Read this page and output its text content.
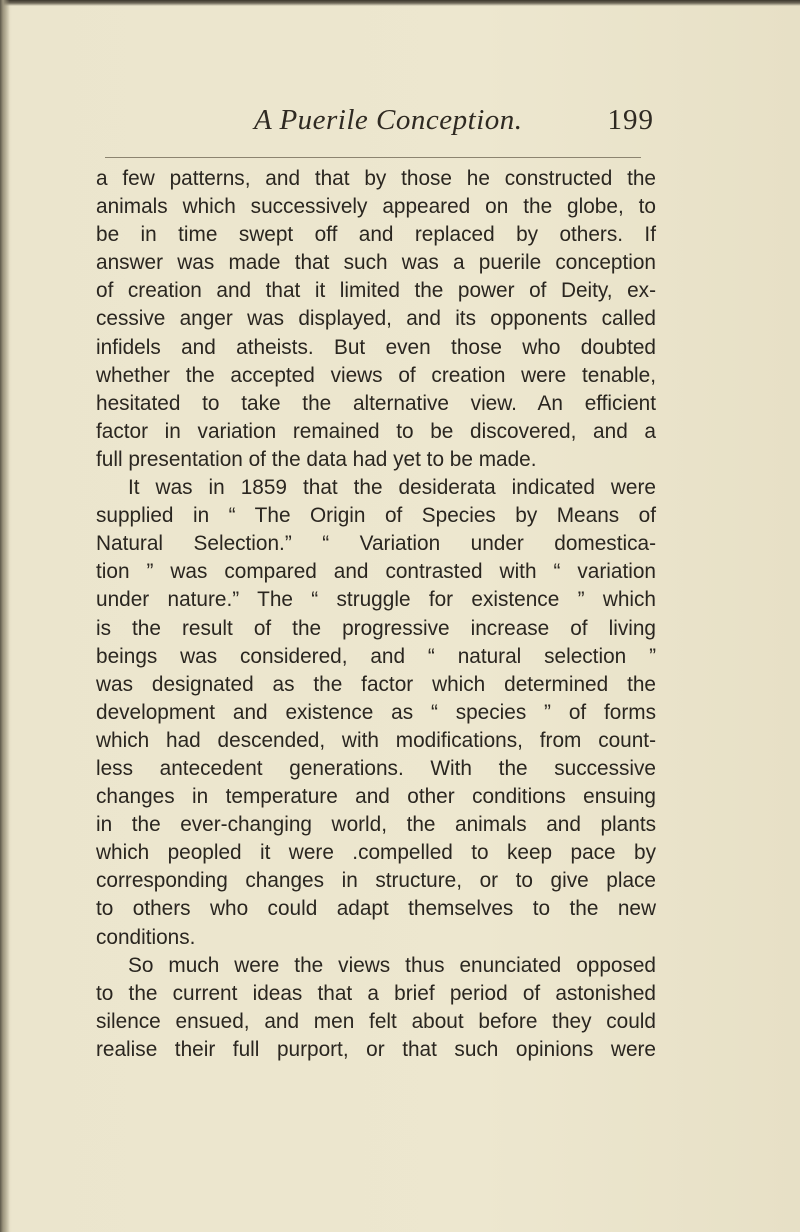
A Puerile Conception.	199
a few patterns, and that by those he constructed the
animals which successively appeared on the globe, to
be in time swept off and replaced by others. If
answer was made that such was a puerile conception
of creation and that it limited the power of Deity, ex-
cessive anger was displayed, and its opponents called
infidels and atheists. But even those who doubted
whether the accepted views of creation were tenable,
hesitated to take the alternative view. An efficient
factor in variation remained to be discovered, and a
full presentation of the data had yet to be made.
It was in 1859 that the desiderata indicated were
supplied in “ The Origin of Species by Means of
Natural Selection.” “ Variation under domestica-
tion ” was compared and contrasted with “ variation
under nature.” The “ struggle for existence ” which
is the result of the progressive increase of living
beings was considered, and “ natural selection ”
was designated as the factor which determined the
development and existence as “ species ” of forms
which had descended, with modifications, from count-
less antecedent generations. With the successive
changes in temperature and other conditions ensuing
in the ever-changing world, the animals and plants
which peopled it were .compelled to keep pace by
corresponding changes in structure, or to give place
to others who could adapt themselves to the new
conditions.
So much were the views thus enunciated opposed
to the current ideas that a brief period of astonished
silence ensued, and men felt about before they could
realise their full purport, or that such opinions were
